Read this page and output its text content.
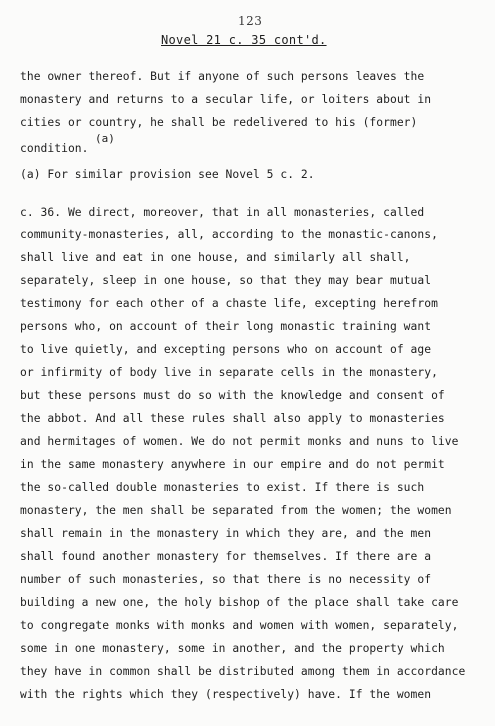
123
Novel 21 c. 35 cont'd.
the owner thereof. But if anyone of such persons leaves the
monastery and returns to a secular life, or loiters about in
cities or country, he shall be redelivered to his (former)
(a)
condition.
(a) For similar provision see Novel 5 c. 2.
c. 36. We direct, moreover, that in all monasteries, called
community-monasteries, all, according to the monastic-canons,
shall live and eat in one house, and similarly all shall,
separately, sleep in one house, so that they may bear mutual
testimony for each other of a chaste life, excepting herefrom
persons who, on account of their long monastic training want
to live quietly, and excepting persons who on account of age
or infirmity of body live in separate cells in the monastery,
but these persons must do so with the knowledge and consent of
the abbot. And all these rules shall also apply to monasteries
and hermitages of women. We do not permit monks and nuns to live
in the same monastery anywhere in our empire and do not permit
the so-called double monasteries to exist. If there is such
monastery, the men shall be separated from the women; the women
shall remain in the monastery in which they are, and the men
shall found another monastery for themselves. If there are a
number of such monasteries, so that there is no necessity of
building a new one, the holy bishop of the place shall take care
to congregate monks with monks and women with women, separately,
some in one monastery, some in another, and the property which
they have in common shall be distributed among them in accordance
with the rights which they (respectively) have. If the women
